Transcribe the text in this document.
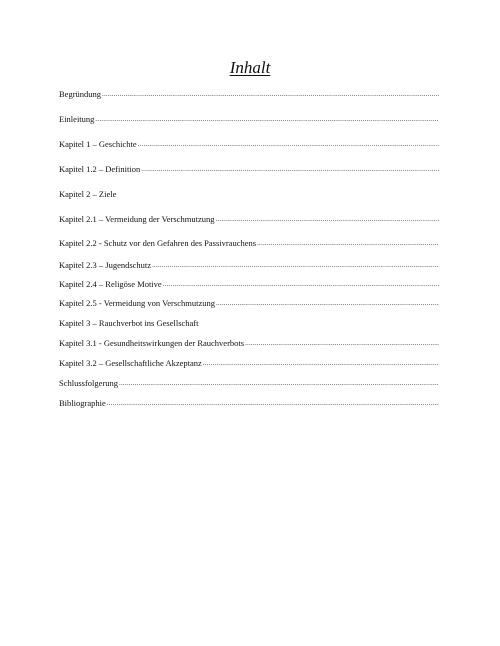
Inhalt
Begründung
.....
Einleitung
.....
Kapitel 1 – Geschichte
.....
Kapitel 1.2 – Definition
.....
Kapitel 2 – Ziele
Kapitel 2.1 – Vermeidung der Verschmutzung
.....
Kapitel 2.2 - Schutz vor den Gefahren des Passivrauchens
.....
Kapitel 2.3 – Jugendschutz
.....
Kapitel 2.4 – Religöse Motive
.....
Kapitel 2.5 - Vermeidung von Verschmutzung
.....
Kapitel 3 – Rauchverbot ins Gesellschaft
Kapitel 3.1 - Gesundheitswirkungen der Rauchverbots
.....
Kapitel 3.2 – Gesellschaftliche Akzeptanz
.....
Schlussfolgerung
.....
Bibliographie
.....
